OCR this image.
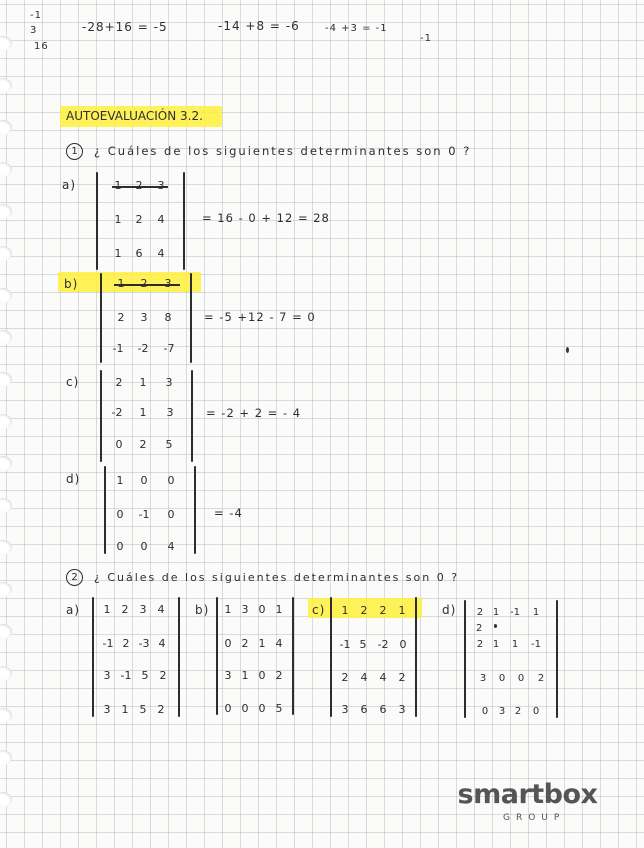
-1
3
16
-28+16 = -5	-14 +8 = -6	-4 +3 = -1
-1
AUTOEVALUACIÓN 3.2.
1	¿ Cuáles de los siguientes determinantes son 0 ?
a)	1	2	3
1	2	4
1	6	4
= 16 - 0 + 12 = 28
b)	1	2	3
2	3	8
-1	-2	-7
= -5 +12 - 7 = 0
c)	2	1	3
-2	1	3
0	2	5
= -2 + 2 = - 4
d)	1	0	0
0	-1	0
0	0	4
= -4
2	¿ Cuáles de los siguientes determinantes son 0 ?
a)	1	2	3	4
-1 2 -3 4
3 -1 5	2
3	1	5	2
b)	1 3 0 1
0 2 1 4
3 1 0 2
0 0 0 5
c)	1	2	2	1
-1 5	-2	0
2	4	4	2
3	6	6	3
d)	2 1	-1	1
2
2 1	1	-1
3	0	0	2
0	3 2	0
smartbox
GROUP
